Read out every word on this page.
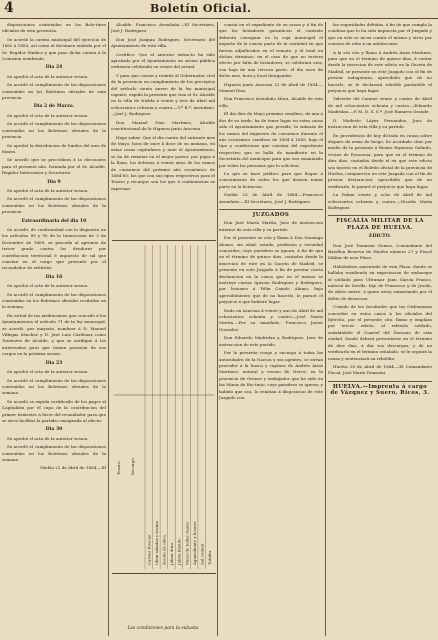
4	Boletín Oficial.

disposiciones contenidas en los Bole-tines oficiales de esta provincia.

Se acordó la cuenta municipal del ejercicio de 1882 á 1883, así como el dictámen emitido por el Sr. Regidor Síndico y que pase dicha cuenta á la Comisión nombrada.

Dia 24

Se aprobó el acta de la anterior sesion.

Se acordó el cumplimiento de las disposiciones contenidas en los Boletines oficiales de esta provincia.

Dia 2 de Marzo.

Se aprobó el acta de la anterior sesion.

Se acordó el cumplimiento de las disposiciones contenidas en los Boletines oficiales de la provincia.

Se aprobó la distribucion de fondos del mes de Marzo.

Se acordó que se procediera á la elecciones para el presente año, formada por el Sr. Alcalde, Regidor Interventor y Secretario.

Dia 9

Se aprobó el acta de la anterior sesion.

Se acordó el cumplimiento de las disposiciones contenidas en los Boletines oficiales de la provincia.

Extraordinaria del dia 10

Se acordó, de conformidad con lo dispuesto en los artículos 89 y 90 de la Instruccion de 3 de Diciembre de 1869, se proceda al apremio de tercer grado contra los deudores por contribucion territorial é impuesto de sal que constan en el cargo que presentó por el recaudador de arbitrios.

Dia 16

Se aprobó el acta de la anterior sesion.

Se acordó el cumplimiento de las disposiciones contenidas en los Boletines oficiales recibidos en la semana.

En virtud de las atribuciones que concede á los Ayuntamientos el artículo 71 de la ley municipal, se acordó, por mayoría, nombrar á D. Manuel Villegas Sánchez y D. José Luis Cárdenas como Tenientes de Alcalde, y que se notifique á los interesados para que tomen posesión de sus cargos en la próxima sesion.

Dia 23

Se aprobó el acta de la anterior sesion.

Se acordó el cumplimiento de las disposiciones contenidas en los Boletines oficiales de la semana.

Se acordó se expida certificado de los pagos al Capitalista por el cupo de la contribucion del primer trimestre á favor del recaudador para que se sirva facilitar la partida consignada al efecto.

Dia 30

Se aprobó el acta de la anterior sesion.

Se acordó el cumplimiento de las disposiciones contenidas en los Boletines oficiales de la semana.

Niebla 22 de Abril de 1884.—El

Alcalde, Francisco Avendaño.—El Secretario, José J. Rodriguez.

Don José Joaquin Rodriguez, Secretario del Ayuntamiento de esta villa.

Certifico: Que el anterior extracto ha sido aprobado por el Ayuntamiento en sesion pública ordinaria celebrada en veinte del actual.

Y para que conste y remitir al Gobernador civil de la provincia en cumplimiento de los preceptos del artículo ciento nueve de la ley municipal vigente, expido la presente que visa el Sr. Alcalde en la villa de Niebla á veinte y tres de Abril mil ochocientos ochenta y cuatro.—V.º B.º, Avendaño.—José J. Rodriguez.

Don Manuel Diaz Martinez, Alcalde constitucional de la Higuera junto Aracena.

Hago saber: Que el día cuatro del entrante mes de Mayo, hora de once á doce de su mañana, en estas casas capitulares y ante el Ayuntamiento, se ha de rematar en el mejor postor, por pujas á la llana, las dehesas á veinte años de los ramos de consumos del próximo año económico de 1884-85; los que con sus tipos respectivos para el Tesoro y recargos son los que á continuacion se expresan.

consta en el expediente de su razon y á fin de que los licitadores garanticen el contrato deberán consignar en la caja municipal el importe de la cuarta parte de la cantidad en que fueron adjudicados en el remate, y el total en dichos términos: en el caso de que no tuviera efecto por falta de licitadores, se celebrará otra, con baja de una tercera parte, el dia once de dicho mes, hora y local designados.

Higuera junto Aracena 21 de Abril de 1884.—Manuel Diaz.

Don Francisco Avendaño Mora, Alcalde de esta villa.

El dia diez de Mayo próximo venidero, de una á dos de su tarde, ha de tener lugar en estas casas sala el Ayuntamiento que preside, la subasta de los ramos del impuesto de consumos durante el año económico venidero de 1884 á 1885, bajo el tipo y condiciones que constan del expediente respectivo que se halla de manifiesto en la Secretaría del municipio para que sea examinado por todas las personas que lo soliciten.

Lo que se hace público para que llegue á conocimiento de todos los que deseen tomar parte en la licitacion.

Niebla 23 de Abril de 1884.—Francisco Avendaño.—El Secretario, José J. Rodriguez.

JUZGADOS

Don José María Martin, Juez de instruccion interino de esta villa y su partido.

Por el presente se cita y llama á Don Domingo Alonso, sin edad, estado, profesion y vecindad conocidos, cuyo paradero se ignora, á fin de que en el término de quince dias, contados desde la insercion de este en la Gaceta de Madrid, se presente en este Juzgado á fin de prestar cierta declaracion en la causa que en el mismo se instruye contra Ignacio Rodriguez y Rodriguez, por lesiones á Félix Canelo Alamo; bajo apercibimiento que de no hacerlo, le parará el perjuicio á que hubiere lugar.

Dado en Aracena á veinte y uno de Abril de mil ochocientos ochenta y cuatro.—José María Martin.—Por su mandado, Francisco Javier Gonzalez.

Don Eduardo Madridan y Rodriguez, Juez de instruccion de este partido.

Por la presente ruego y encargo á todas las autoridades de la Nacion y sus agentes, se sirvan proceder á la busca y captura de Andrés Arias Martinez, natural y vecino de Nerva, en la provincia de Orense y trabajador que ha sido en las Minas de Rio-tinto, cuyo paradero se ignora; y habido que sea, lo remitan á disposicion de este Juzgado con

las seguridades debidas, á fin de que cumpla la condena que le ha sido impuesta por el Juzgado y que en este se incoa contra el mismo y otros por conatos de robo á un adolescente.

A la vez cito y llamo á Andrés Arias Martinez, para que en el término de quince dias, á contar desde la insercion de este edicto en la Gaceta de Madrid, se presente en este Juzgado con el fin de prestar indagatoria, apercibido que de no hacerlo, se le declarará rebelde parándole el perjuicio que haya lugar.

Valverde del Camino veinte y cuatro de Abril de mil ochocientos ochenta y cuatro.—Eduardo Madridan.—P. M. D. S. S.ª, José Ramirez Grande.

D. Modesto López Fernandez, Juez de instruccion de esta villa y su partido.

En providencia de hoy dictada en causa sobre disparo de arma de fuego, he acordado citar por medio de la presente á Benito Espinosa Galindo, vecino de Escacena, para que en el término de diez dias, contados desde el en que este edicto sea inserto en el Boletín oficial de la provincia de Huelva, comparezca en este Juzgado con el fin de prestar declaracion; apercibido que de no verificarlo, le parará el perjuicio que haya lugar.

La Palma veinte y ocho de Abril de mil ochocientos ochenta y cuatro.—Nicolás María Rodriguez.

FISCALÍA MILITAR DE LA PLAZA DE HUELVA.

EDICTO.

Don José Tomasini Gomez, Comandante del Batallon Reserva de Huelva número 27 y Fiscal Militar de esta Plaza.

Habiéndose ausentado de esta Plaza, donde se hallaba residiendo en expectacion de embarque el soldado para Ultramar Juan García Franco, natural de Sevilla, hijo de Francisco y de Josefa, de oficio sastre, á quien estoy sumariando por el delito de desercion.

Usando de las facultades que las Ordenanzas conceden en estos casos á los oficiales del Ejército, por el presente cito, llamo y emplazo por tercer edicto, al referido soldado, señalándole el Cuartel del Dorsano de esta ciudad, donde deberá presentarse en el término de diez dias, á dar sus descargos; y de no verificarlo en el término señalado, se le seguirá la causa y sentenciará en rebeldía.

Huelva 18 de Abril de 1884.—El Comandante Fiscal, José María Tomasini.

HUELVA.—Imprenta á cargo de Vázquez y Suero, Ricos, 3.

Tesoro Recargo
Carnes frescas Idem saladas y tocino Aceite de oliva Jabon duro Jabon blando Vinos de todas clases Aguardiente y licores Sal comun Totales
Las condiciones para la subasta
